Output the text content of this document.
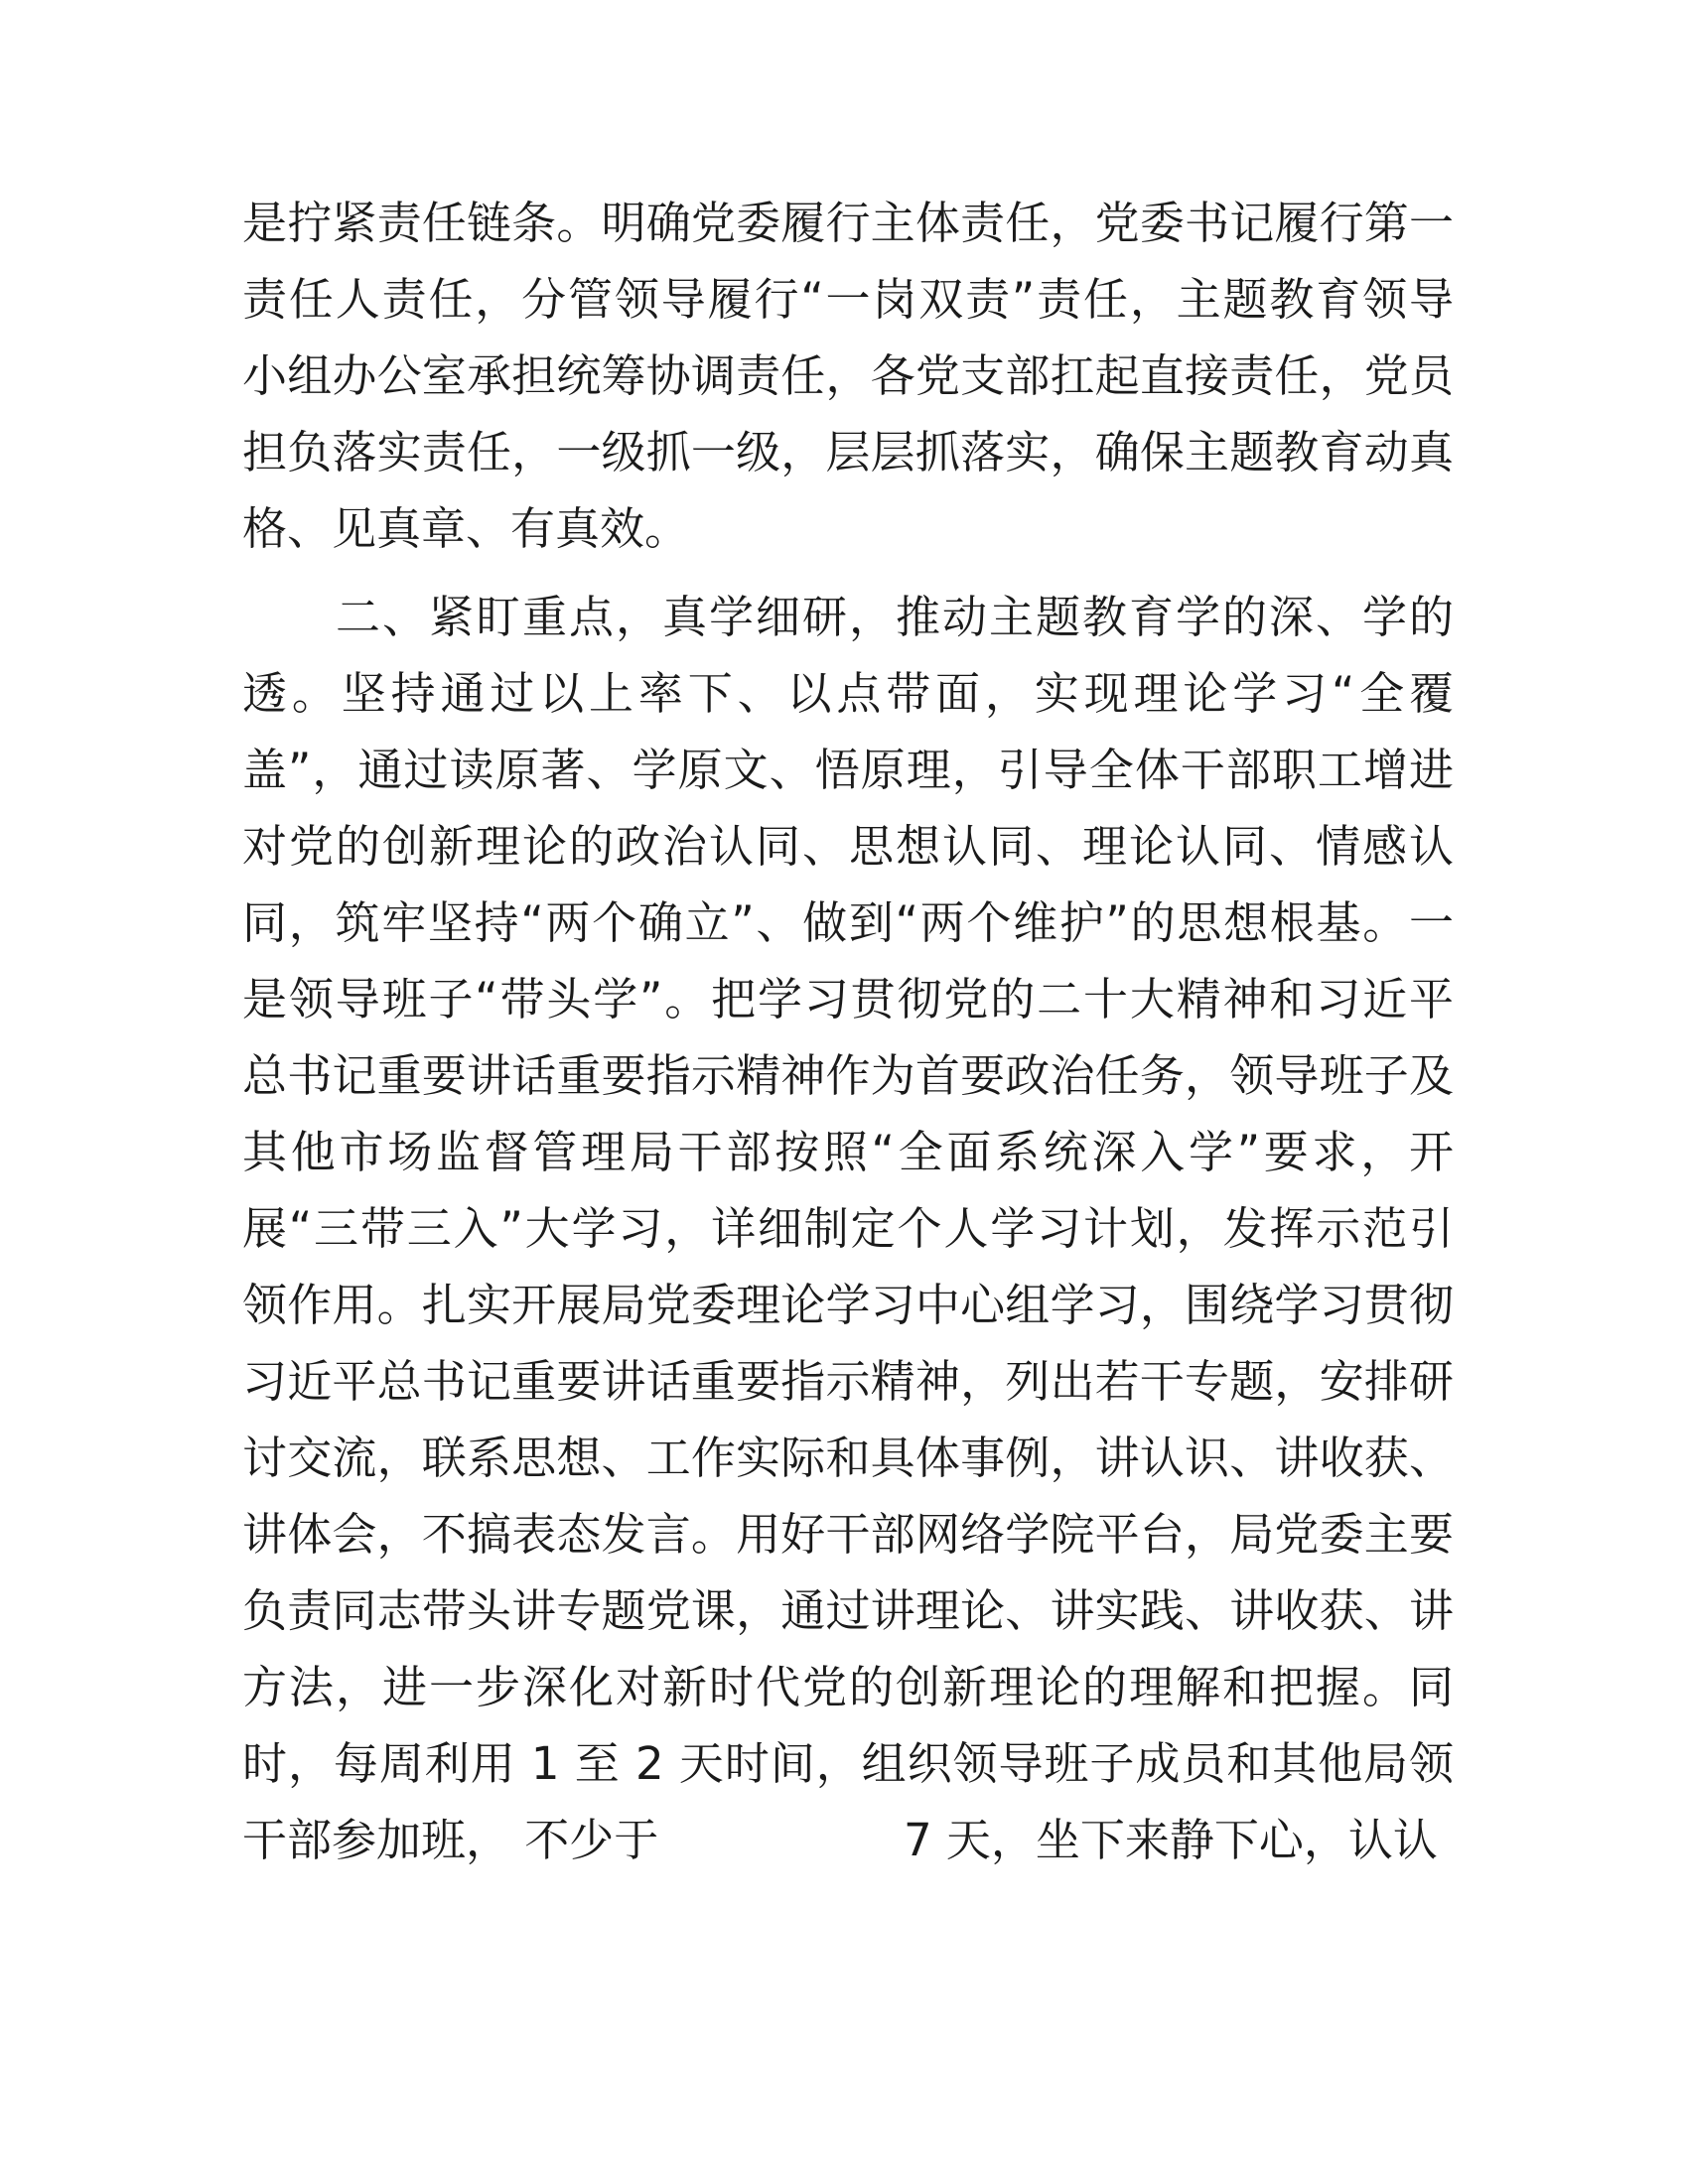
是拧紧责任链条。明确党委履行主体责任，党委书记履行第一
责任人责任，分管领导履行“一岗双责”责任，主题教育领导
小组办公室承担统筹协调责任，各党支部扛起直接责任，党员
担负落实责任，一级抓一级，层层抓落实，确保主题教育动真
格、见真章、有真效。
　　二、紧盯重点，真学细研，推动主题教育学的深、学的
透。坚持通过以上率下、以点带面，实现理论学习“全覆
盖”，通过读原著、学原文、悟原理，引导全体干部职工增进
对党的创新理论的政治认同、思想认同、理论认同、情感认
同，筑牢坚持“两个确立”、做到“两个维护”的思想根基。一
是领导班子“带头学”。把学习贯彻党的二十大精神和习近平
总书记重要讲话重要指示精神作为首要政治任务，领导班子及
其他市场监督管理局干部按照“全面系统深入学”要求，开
展“三带三入”大学习，详细制定个人学习计划，发挥示范引
领作用。扎实开展局党委理论学习中心组学习，围绕学习贯彻
习近平总书记重要讲话重要指示精神，列出若干专题，安排研
讨交流，联系思想、工作实际和具体事例，讲认识、讲收获、
讲体会，不搞表态发言。用好干部网络学院平台，局党委主要
负责同志带头讲专题党课，通过讲理论、讲实践、讲收获、讲
方法，进一步深化对新时代党的创新理论的理解和把握。同
时，每周利用 1 至 2 天时间，组织领导班子成员和其他局领
干部参加班， 不少于	7 天，坐下来静下心，认认
